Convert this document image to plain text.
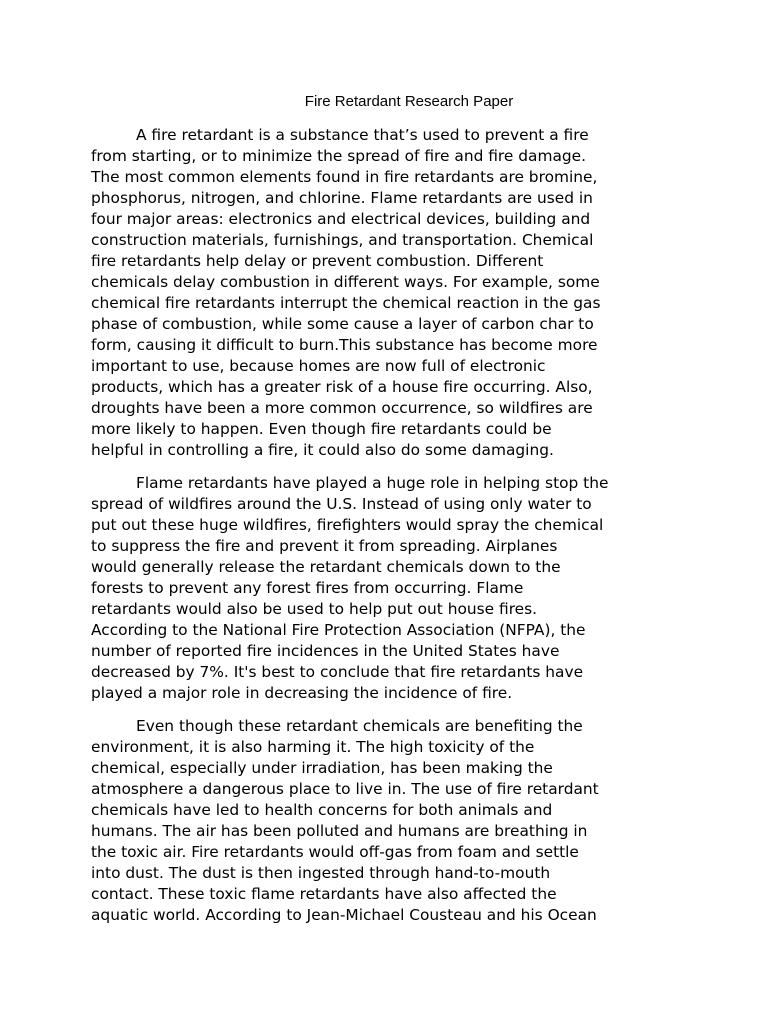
Fire Retardant Research Paper
A fire retardant is a substance that’s used to prevent a fire
from starting, or to minimize the spread of fire and fire damage.
The most common elements found in fire retardants are bromine,
phosphorus, nitrogen, and chlorine. Flame retardants are used in
four major areas: electronics and electrical devices, building and
construction materials, furnishings, and transportation. Chemical
fire retardants help delay or prevent combustion. Different
chemicals delay combustion in different ways. For example, some
chemical fire retardants interrupt the chemical reaction in the gas
phase of combustion, while some cause a layer of carbon char to
form, causing it difficult to burn.This substance has become more
important to use, because homes are now full of electronic
products, which has a greater risk of a house fire occurring. Also,
droughts have been a more common occurrence, so wildfires are
more likely to happen. Even though fire retardants could be
helpful in controlling a fire, it could also do some damaging.
Flame retardants have played a huge role in helping stop the
spread of wildfires around the U.S. Instead of using only water to
put out these huge wildfires, firefighters would spray the chemical
to suppress the fire and prevent it from spreading. Airplanes
would generally release the retardant chemicals down to the
forests to prevent any forest fires from occurring. Flame
retardants would also be used to help put out house fires.
According to the National Fire Protection Association (NFPA), the
number of reported fire incidences in the United States have
decreased by 7%. It's best to conclude that fire retardants have
played a major role in decreasing the incidence of fire.
Even though these retardant chemicals are benefiting the
environment, it is also harming it. The high toxicity of the
chemical, especially under irradiation, has been making the
atmosphere a dangerous place to live in. The use of fire retardant
chemicals have led to health concerns for both animals and
humans. The air has been polluted and humans are breathing in
the toxic air. Fire retardants would off-gas from foam and settle
into dust. The dust is then ingested through hand-to-mouth
contact. These toxic flame retardants have also affected the
aquatic world. According to Jean-Michael Cousteau and his Ocean
